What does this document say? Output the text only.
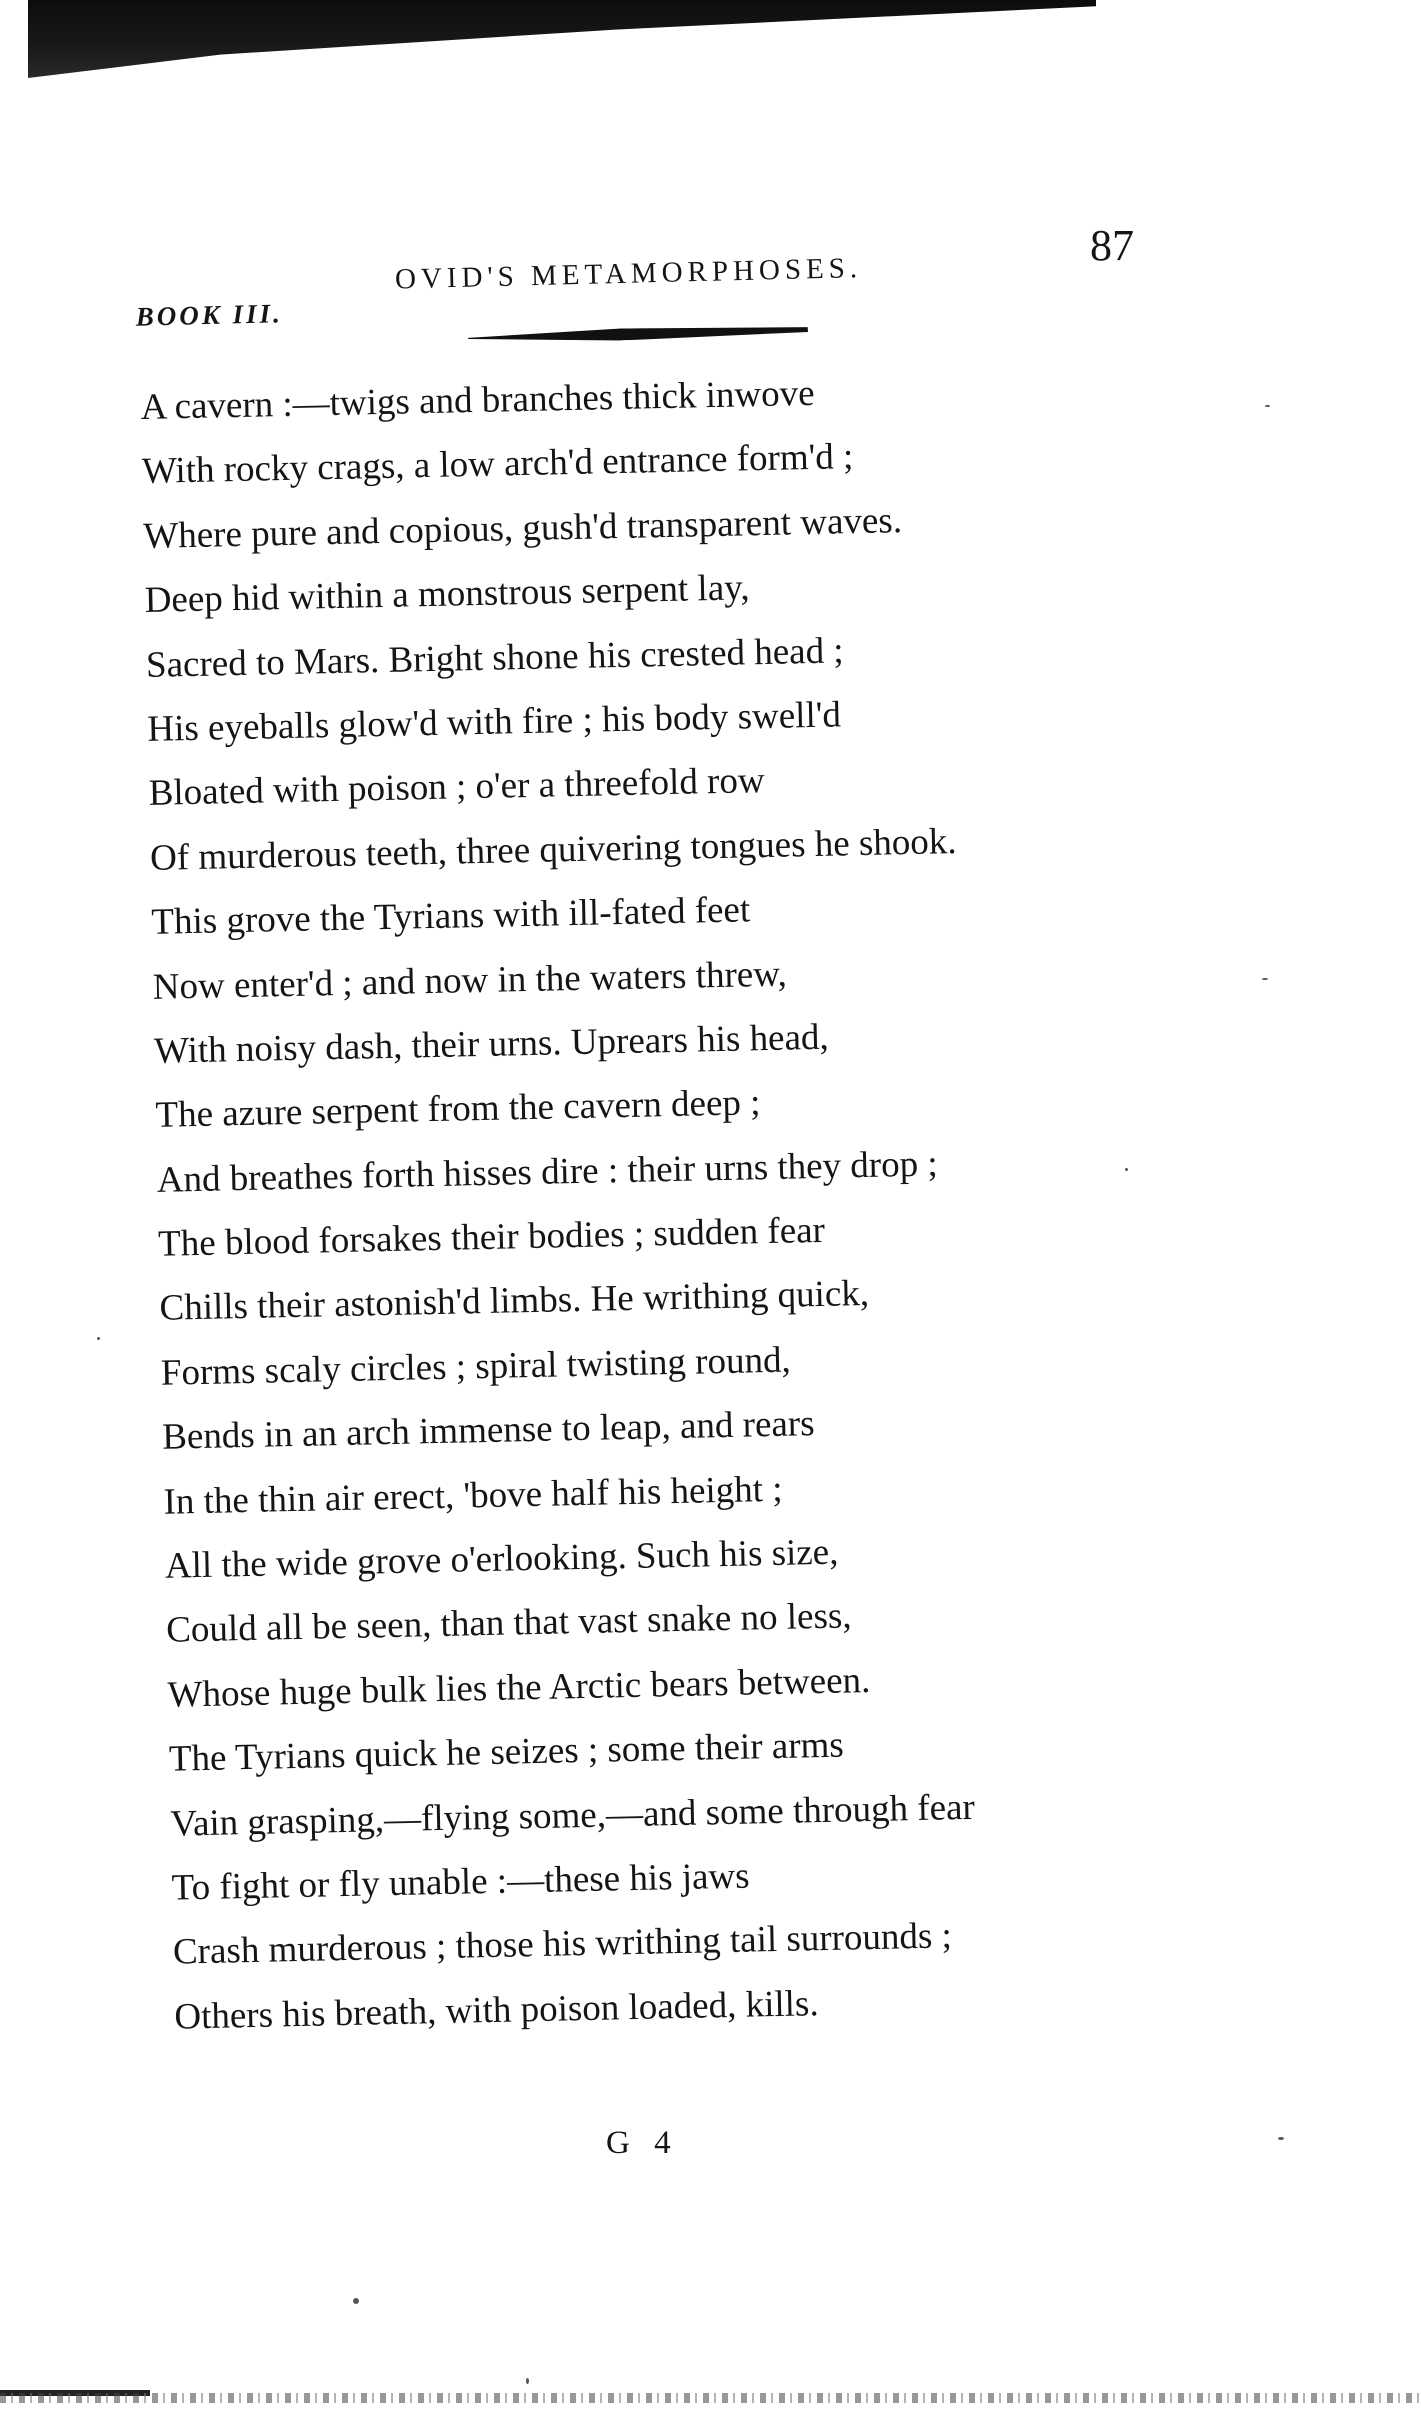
BOOK III.
OVID'S METAMORPHOSES.
87
A cavern :—twigs and branches thick inwove
With rocky crags, a low arch'd entrance form'd ;
Where pure and copious, gush'd transparent waves.
Deep hid within a monstrous serpent lay,
Sacred to Mars. Bright shone his crested head ;
His eyeballs glow'd with fire ; his body swell'd
Bloated with poison ; o'er a threefold row
Of murderous teeth, three quivering tongues he shook.
This grove the Tyrians with ill-fated feet
Now enter'd ; and now in the waters threw,
With noisy dash, their urns. Uprears his head,
The azure serpent from the cavern deep ;
And breathes forth hisses dire : their urns they drop ;
The blood forsakes their bodies ; sudden fear
Chills their astonish'd limbs. He writhing quick,
Forms scaly circles ; spiral twisting round,
Bends in an arch immense to leap, and rears
In the thin air erect, 'bove half his height ;
All the wide grove o'erlooking. Such his size,
Could all be seen, than that vast snake no less,
Whose huge bulk lies the Arctic bears between.
The Tyrians quick he seizes ; some their arms
Vain grasping,—flying some,—and some through fear
To fight or fly unable :—these his jaws
Crash murderous ; those his writhing tail surrounds ;
Others his breath, with poison loaded, kills.
G 4
